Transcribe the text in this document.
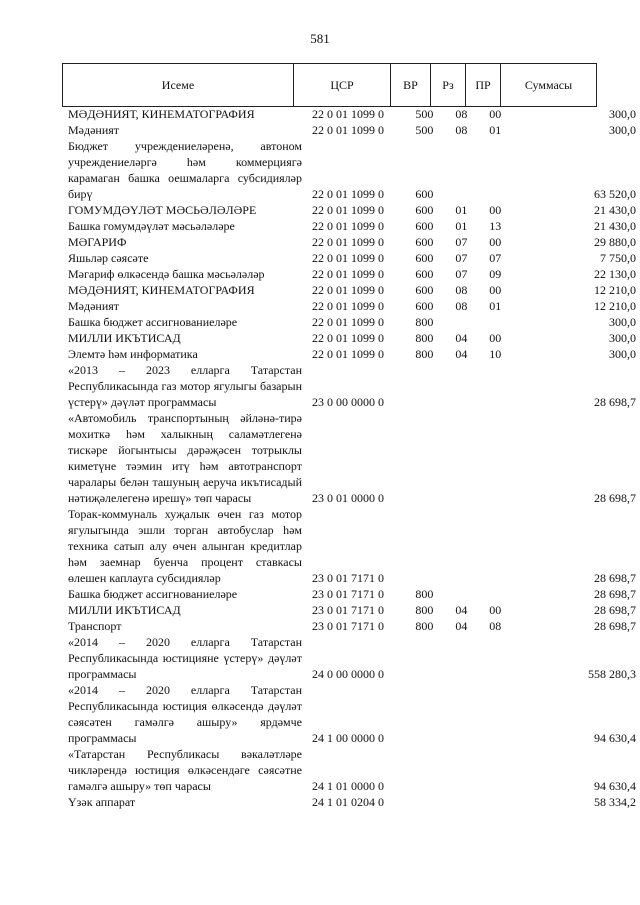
581
Исеме	ЦСР	ВР	Рз	ПР	Суммасы
МӘДӘНИЯТ, КИНЕМАТОГРАФИЯ	22 0 01 1099 0	500	08	00	300,0

Мәдәният	22 0 01 1099 0	500	08	01	300,0

Бюджет учреждениеләренә, автоном учреждениеләргә һәм коммерциягә карамаган башка оешмаларга субсидияләр бирү	22 0 01 1099 0	600			63 520,0

ГОМУМДӘҮЛӘТ МӘСЬӘЛӘЛӘРЕ	22 0 01 1099 0	600	01	00	21 430,0

Башка гомумдәүләт мәсьәләләре	22 0 01 1099 0	600	01	13	21 430,0

МӘГАРИФ	22 0 01 1099 0	600	07	00	29 880,0

Яшьләр сәясәте	22 0 01 1099 0	600	07	07	7 750,0

Мәгариф өлкәсендә башка мәсьәләләр	22 0 01 1099 0	600	07	09	22 130,0

МӘДӘНИЯТ, КИНЕМАТОГРАФИЯ	22 0 01 1099 0	600	08	00	12 210,0

Мәдәният	22 0 01 1099 0	600	08	01	12 210,0

Башка бюджет ассигнованиеләре	22 0 01 1099 0	800			300,0

МИЛЛИ ИКЪТИСАД	22 0 01 1099 0	800	04	00	300,0

Элемтә һәм информатика	22 0 01 1099 0	800	04	10	300,0

«2013 – 2023 елларга Татарстан Республикасында газ мотор ягулыгы базарын үстерү» дәүләт программасы	23 0 00 0000 0				28 698,7

«Автомобиль транспортының әйләнә-тирә мохиткә һәм халыкның саламәтлегенә тискәре йогынтысы дәрәҗәсен тотрыклы киметүне тәэмин итү һәм автотранспорт чаралары белән ташуның аеруча икътисадый нәтиҗәлелегенә ирешү» төп чарасы	23 0 01 0000 0				28 698,7

Торак-коммуналь хуҗалык өчен газ мотор ягулыгында эшли торган автобуслар һәм техника сатып алу өчен алынган кредитлар һәм заемнар буенча процент ставкасы өлешен каплауга субсидияләр	23 0 01 7171 0				28 698,7

Башка бюджет ассигнованиеләре	23 0 01 7171 0	800			28 698,7

МИЛЛИ ИКЪТИСАД	23 0 01 7171 0	800	04	00	28 698,7

Транспорт	23 0 01 7171 0	800	04	08	28 698,7

«2014 – 2020 елларга Татарстан Республикасында юстицияне үстерү» дәүләт программасы	24 0 00 0000 0				558 280,3

«2014 – 2020 елларга Татарстан Республикасында юстиция өлкәсендә дәүләт сәясәтен гамәлгә ашыру» ярдәмче программасы	24 1 00 0000 0				94 630,4

«Татарстан Республикасы вәкаләтләре чикләрендә юстиция өлкәсендәге сәясәтне гамәлгә ашыру» төп чарасы	24 1 01 0000 0				94 630,4

Үзәк аппарат	24 1 01 0204 0				58 334,2
